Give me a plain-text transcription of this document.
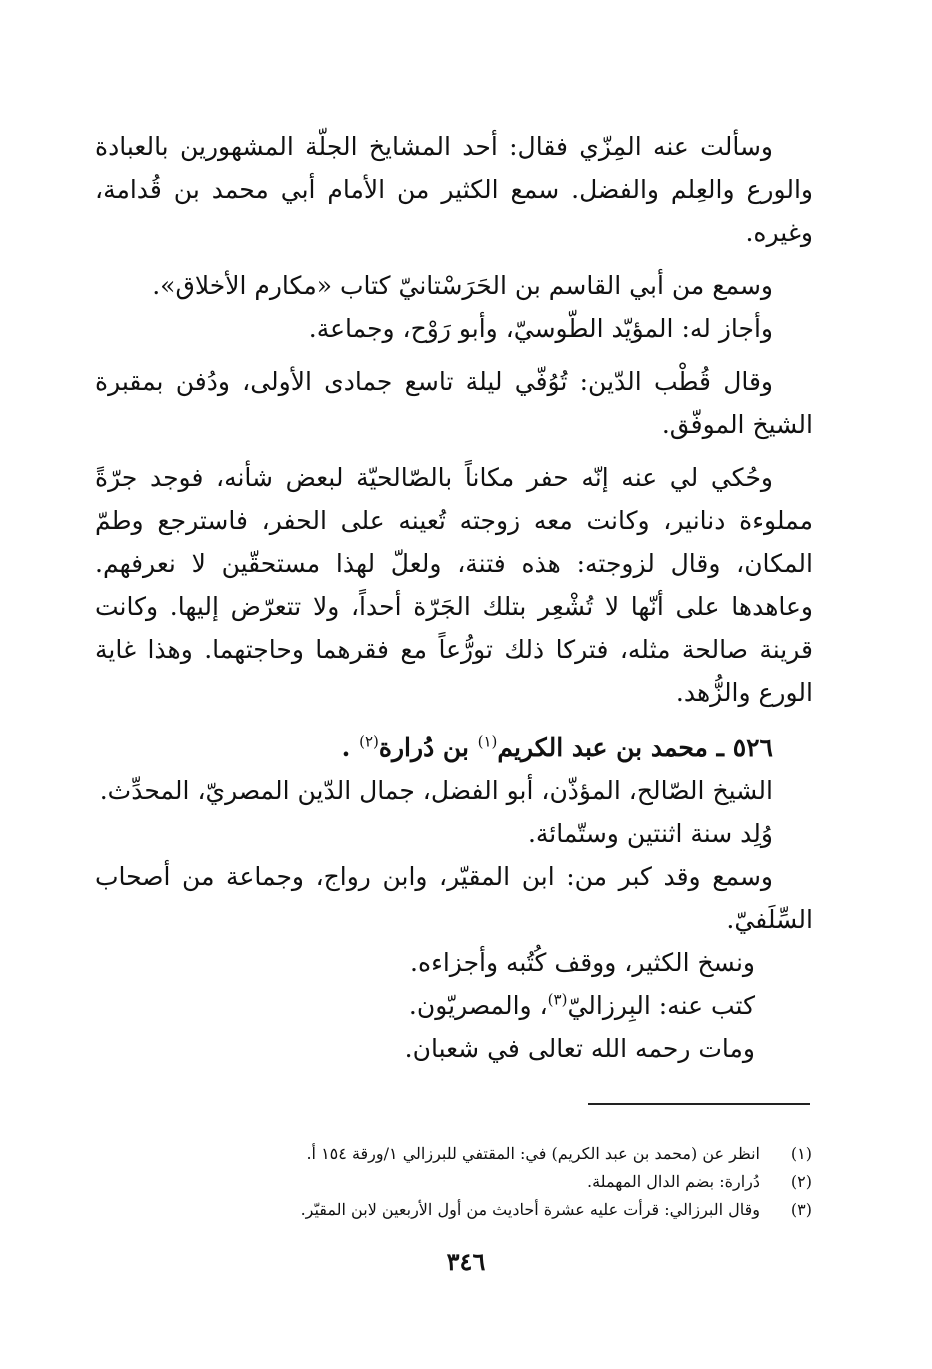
وسألت عنه المِزّي فقال: أحد المشايخ الجلّة المشهورين بالعبادة والورع والعِلم والفضل. سمع الكثير من الأمام أبي محمد بن قُدامة، وغيره.

وسمع من أبي القاسم بن الحَرَسْتانيّ كتاب «مكارم الأخلاق».

وأجاز له: المؤيّد الطّوسيّ، وأبو رَوْح، وجماعة.

وقال قُطْب الدّين: تُوُفّي ليلة تاسع جمادى الأولى، ودُفن بمقبرة الشيخ الموفّق.

وحُكي لي عنه إنّه حفر مكاناً بالصّالحيّة لبعض شأنه، فوجد جرّةً مملوءة دنانير، وكانت معه زوجته تُعينه على الحفر، فاسترجع وطمّ المكان، وقال لزوجته: هذه فتنة، ولعلّ لهذا مستحقّين لا نعرفهم. وعاهدها على أنّها لا تُشْعِر بتلك الجَرّة أحداً، ولا تتعرّض إليها. وكانت قرينة صالحة مثله، فتركا ذلك تورُّعاً مع فقرهما وحاجتهما. وهذا غاية الورع والزُّهد.

٥٢٦ ـ محمد بن عبد الكريم$^{(١)}$ بن دُرارة$^{(٢)}$ .

الشيخ الصّالح، المؤذّن، أبو الفضل، جمال الدّين المصريّ، المحدِّث.

وُلِد سنة اثنتين وستّمائة.

وسمع وقد كبر من: ابن المقيّر، وابن رواج، وجماعة من أصحاب السِّلَفيّ.

ونسخ الكثير، ووقف كُتُبه وأجزاءه.

كتب عنه: البِرزاليّ$^{(٣)}$، والمصريّون.

ومات رحمه الله تعالى في شعبان.

(١)
انظر عن (محمد بن عبد الكريم) في: المقتفي للبرزالي ١/ورقة ١٥٤ أ.
(٢)
دُرارة: بضم الدال المهملة.
(٣)
وقال البرزالي: قرأت عليه عشرة أحاديث من أول الأربعين لابن المقيّر.
٣٤٦
